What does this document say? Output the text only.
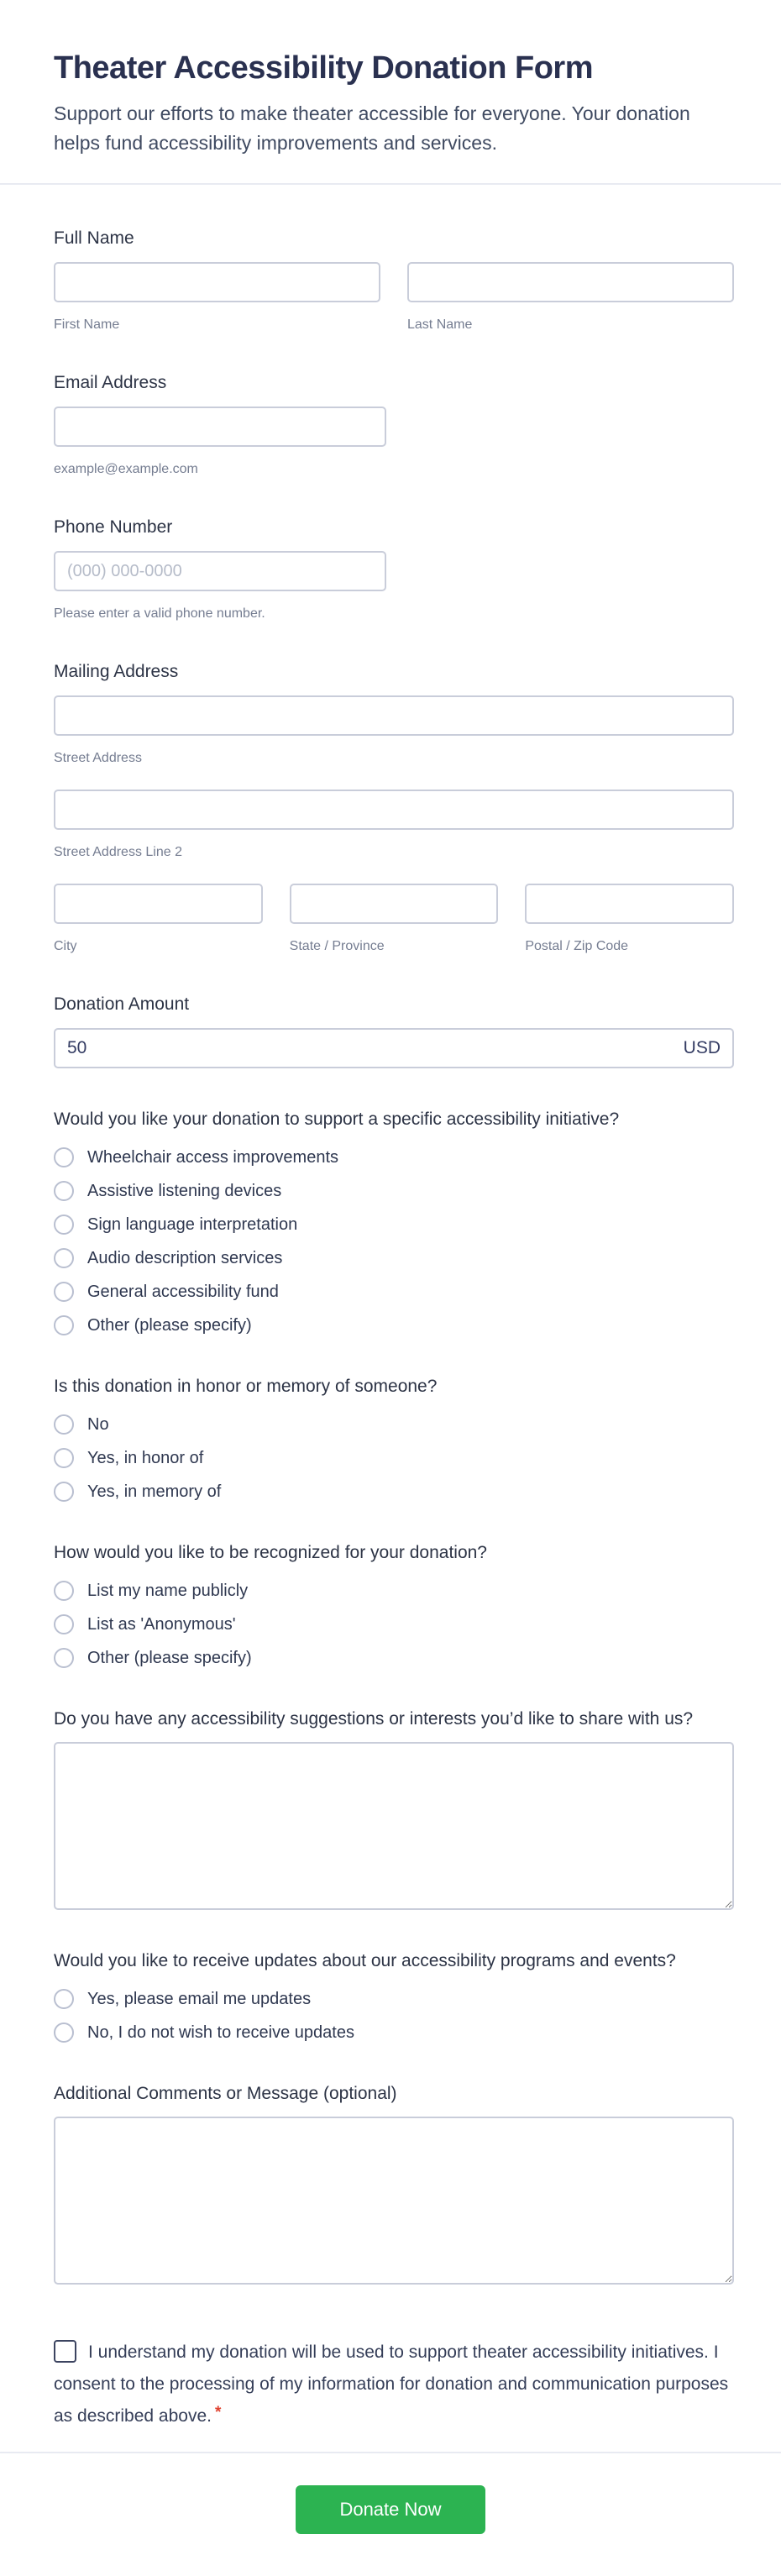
Theater Accessibility Donation Form

Support our efforts to make theater accessible for everyone. Your donation helps fund accessibility improvements and services.

Full Name
First Name	Last Name
Email Address
example@example.com
Phone Number
(000) 000-0000
Please enter a valid phone number.
Mailing Address
Street Address
Street Address Line 2
City	State / Province	Postal / Zip Code
Donation Amount
50
USD
Would you like your donation to support a specific accessibility initiative?
Wheelchair access improvements
Assistive listening devices
Sign language interpretation
Audio description services
General accessibility fund
Other (please specify)
Is this donation in honor or memory of someone?
No
Yes, in honor of
Yes, in memory of
How would you like to be recognized for your donation?
List my name publicly
List as 'Anonymous'
Other (please specify)
Do you have any accessibility suggestions or interests you’d like to share with us?
Would you like to receive updates about our accessibility programs and events?
Yes, please email me updates
No, I do not wish to receive updates
Additional Comments or Message (optional)
I understand my donation will be used to support theater accessibility initiatives. I consent to the processing of my information for donation and communication purposes as described above. *
Donate Now
